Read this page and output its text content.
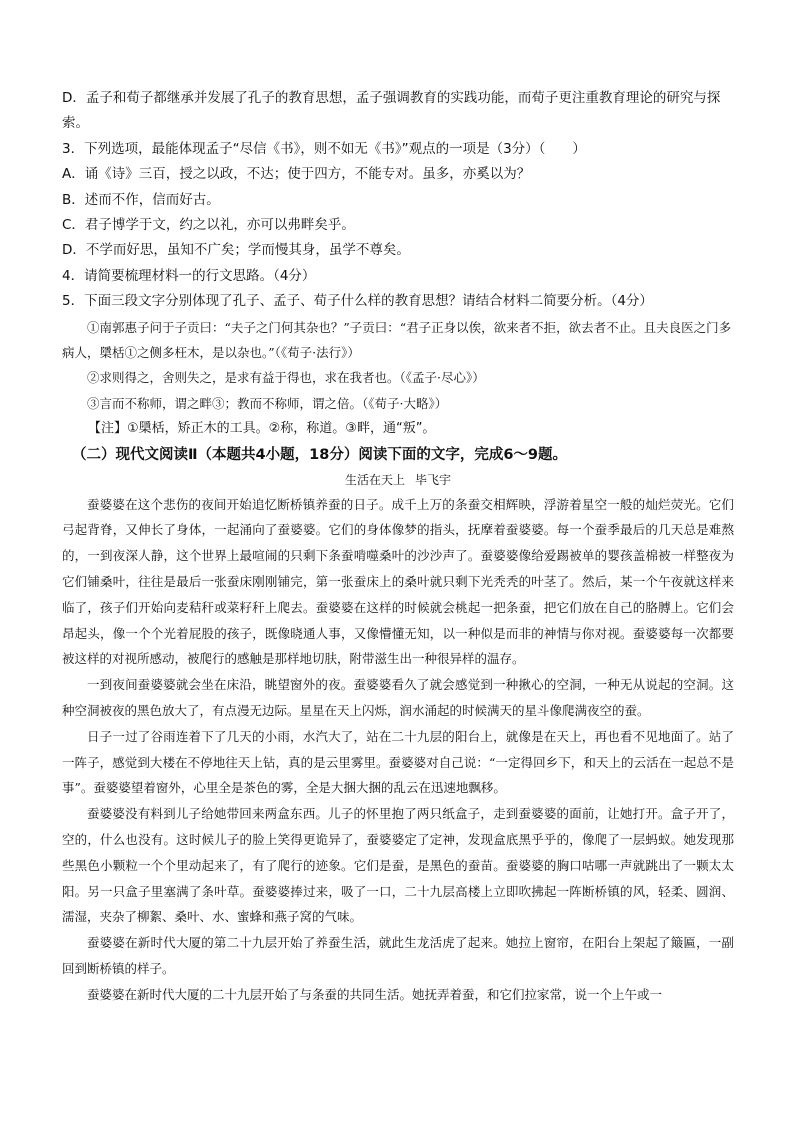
D．孟子和荀子都继承并发展了孔子的教育思想，孟子强调教育的实践功能，而荀子更注重教育理论的研究与探索。

3．下列选项，最能体现孟子“尽信《书》，则不如无《书》”观点的一项是（3分）（　　）

A．诵《诗》三百，授之以政，不达；使于四方，不能专对。虽多，亦奚以为？

B．述而不作，信而好古。

C．君子博学于文，约之以礼，亦可以弗畔矣乎。

D．不学而好思，虽知不广矣；学而慢其身，虽学不尊矣。

4．请简要梳理材料一的行文思路。（4分）

5．下面三段文字分别体现了孔子、孟子、荀子什么样的教育思想？请结合材料二简要分析。（4分）

①南郭惠子问于子贡曰：“夫子之门何其杂也？”子贡曰：“君子正身以俟，欲来者不拒，欲去者不止。且夫良医之门多病人，檃栝①之侧多枉木，是以杂也。”（《荀子·法行》）

②求则得之，舍则失之，是求有益于得也，求在我者也。（《孟子·尽心》）

③言而不称师，谓之畔③；教而不称师，谓之倍。（《荀子·大略》）

【注】①檃栝，矫正木的工具。②称，称道。③畔，通“叛”。

（二）现代文阅读Ⅱ（本题共4小题，18分）阅读下面的文字，完成6～9题。

生活在天上 毕飞宇

蚕婆婆在这个悲伤的夜间开始追忆断桥镇养蚕的日子。成千上万的条蚕交相辉映，浮游着星空一般的灿烂荧光。它们弓起背脊，又伸长了身体，一起涌向了蚕婆婆。它们的身体像梦的指头，抚摩着蚕婆婆。每一个蚕季最后的几天总是难熬的，一到夜深人静，这个世界上最喧闹的只剩下条蚕啃噬桑叶的沙沙声了。蚕婆婆像给爱踢被单的婴孩盖棉被一样整夜为它们铺桑叶，往往是最后一张蚕床刚刚铺完，第一张蚕床上的桑叶就只剩下光秃秃的叶茎了。然后，某一个午夜就这样来临了，孩子们开始向麦秸秆或菜籽秆上爬去。蚕婆婆在这样的时候就会桃起一把条蚕，把它们放在自己的胳膊上。它们会昂起头，像一个个光着屁股的孩子，既像晓通人事，又像懵懂无知，以一种似是而非的神情与你对视。蚕婆婆每一次都要被这样的对视所感动，被爬行的感触是那样地切肤，附带滋生出一种很异样的温存。

一到夜间蚕婆婆就会坐在床沿，眺望窗外的夜。蚕婆婆看久了就会感觉到一种揪心的空洞，一种无从说起的空洞。这种空洞被夜的黑色放大了，有点漫无边际。星星在天上闪烁，润水涌起的时候满天的星斗像爬满夜空的蚕。

日子一过了谷雨连着下了几天的小雨，水汽大了，站在二十九层的阳台上，就像是在天上，再也看不见地面了。站了一阵子，感觉到大楼在不停地往天上钻，真的是云里雾里。蚕婆婆对自己说：“一定得回乡下，和天上的云活在一起总不是事”。蚕婆婆望着窗外，心里全是茶色的雾，全是大捆大捆的乱云在迅速地飘移。

蚕婆婆没有料到儿子给她带回来两盒东西。儿子的怀里抱了两只纸盒子，走到蚕婆婆的面前，让她打开。盒子开了，空的，什么也没有。这时候儿子的脸上笑得更诡异了，蚕婆婆定了定神，发现盒底黑乎乎的，像爬了一层蚂蚁。她发现那些黑色小颗粒一个个里动起来了，有了爬行的迹象。它们是蚕，是黑色的蚕苗。蚕婆婆的胸口咕哪一声就跳出了一颗太太阳。另一只盒子里塞满了条叶草。蚕婆婆捧过来，吸了一口，二十九层高楼上立即吹拂起一阵断桥镇的风，轻柔、圆润、濡湿，夹杂了柳絮、桑叶、水、蜜蜂和燕子窝的气味。

蚕婆婆在新时代大厦的第二十九层开始了养蚕生活，就此生龙活虎了起来。她拉上窗帘，在阳台上架起了簸匾，一副回到断桥镇的样子。

蚕婆婆在新时代大厦的二十九层开始了与条蚕的共同生活。她抚弄着蚕，和它们拉家常，说一个上午或一
